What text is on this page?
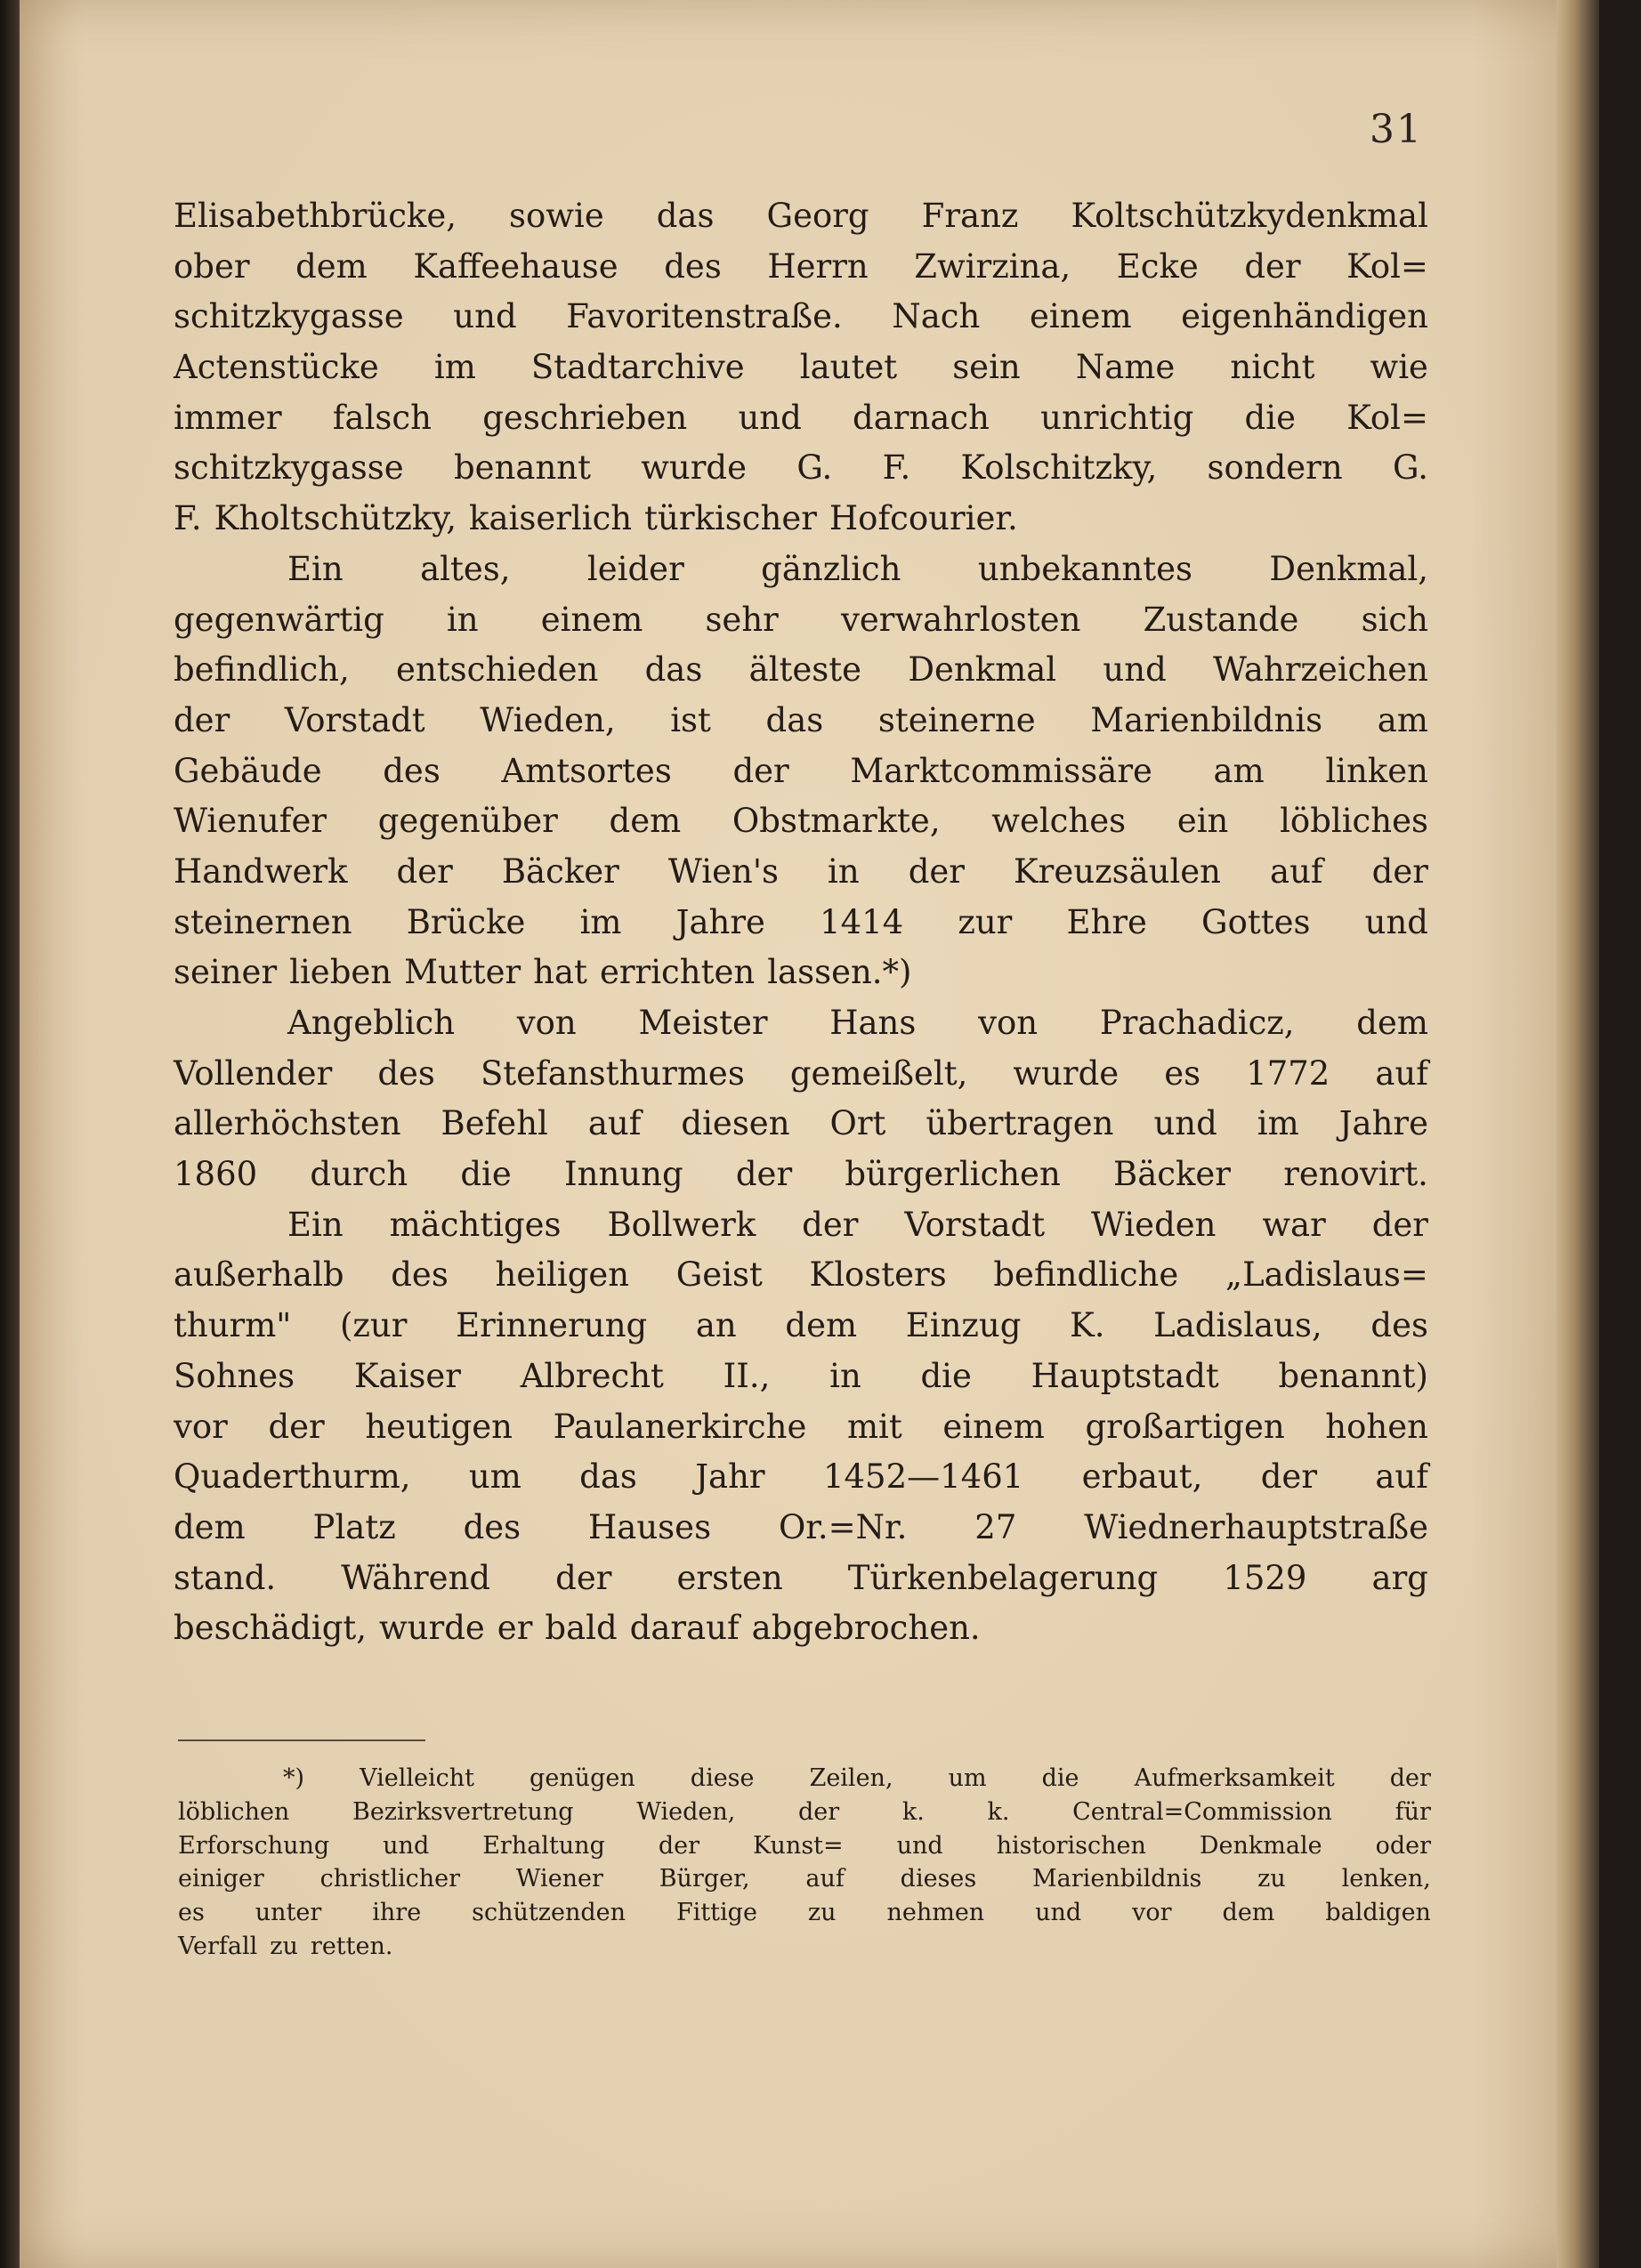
31
Elisabethbrücke, sowie das Georg Franz Koltschützkydenkmal
ober dem Kaffeehause des Herrn Zwirzina, Ecke der Kol=
schitzkygasse und Favoritenstraße. Nach einem eigenhändigen
Actenstücke im Stadtarchive lautet sein Name nicht wie
immer falsch geschrieben und darnach unrichtig die Kol=
schitzkygasse benannt wurde G. F. Kolschitzky, sondern G.
F. Kholtschützky, kaiserlich türkischer Hofcourier.
Ein altes, leider gänzlich unbekanntes Denkmal,
gegenwärtig in einem sehr verwahrlosten Zustande sich
befindlich, entschieden das älteste Denkmal und Wahrzeichen
der Vorstadt Wieden, ist das steinerne Marienbildnis am
Gebäude des Amtsortes der Marktcommissäre am linken
Wienufer gegenüber dem Obstmarkte, welches ein löbliches
Handwerk der Bäcker Wien's in der Kreuzsäulen auf der
steinernen Brücke im Jahre 1414 zur Ehre Gottes und
seiner lieben Mutter hat errichten lassen.*)
Angeblich von Meister Hans von Prachadicz, dem
Vollender des Stefansthurmes gemeißelt, wurde es 1772 auf
allerhöchsten Befehl auf diesen Ort übertragen und im Jahre
1860 durch die Innung der bürgerlichen Bäcker renovirt.
Ein mächtiges Bollwerk der Vorstadt Wieden war der
außerhalb des heiligen Geist Klosters befindliche „Ladislaus=
thurm" (zur Erinnerung an dem Einzug K. Ladislaus, des
Sohnes Kaiser Albrecht II., in die Hauptstadt benannt)
vor der heutigen Paulanerkirche mit einem großartigen hohen
Quaderthurm, um das Jahr 1452—1461 erbaut, der auf
dem Platz des Hauses Or.=Nr. 27 Wiednerhauptstraße
stand. Während der ersten Türkenbelagerung 1529 arg
beschädigt, wurde er bald darauf abgebrochen.
*) Vielleicht genügen diese Zeilen, um die Aufmerksamkeit der
löblichen	Bezirksvertretung	Wieden,	der	k.	k.	Central=Commission	für
Erforschung und Erhaltung der Kunst= und historischen Denkmale oder
einiger christlicher Wiener Bürger, auf dieses Marienbildnis zu lenken,
es unter ihre schützenden Fittige zu nehmen und vor dem baldigen
Verfall zu retten.
